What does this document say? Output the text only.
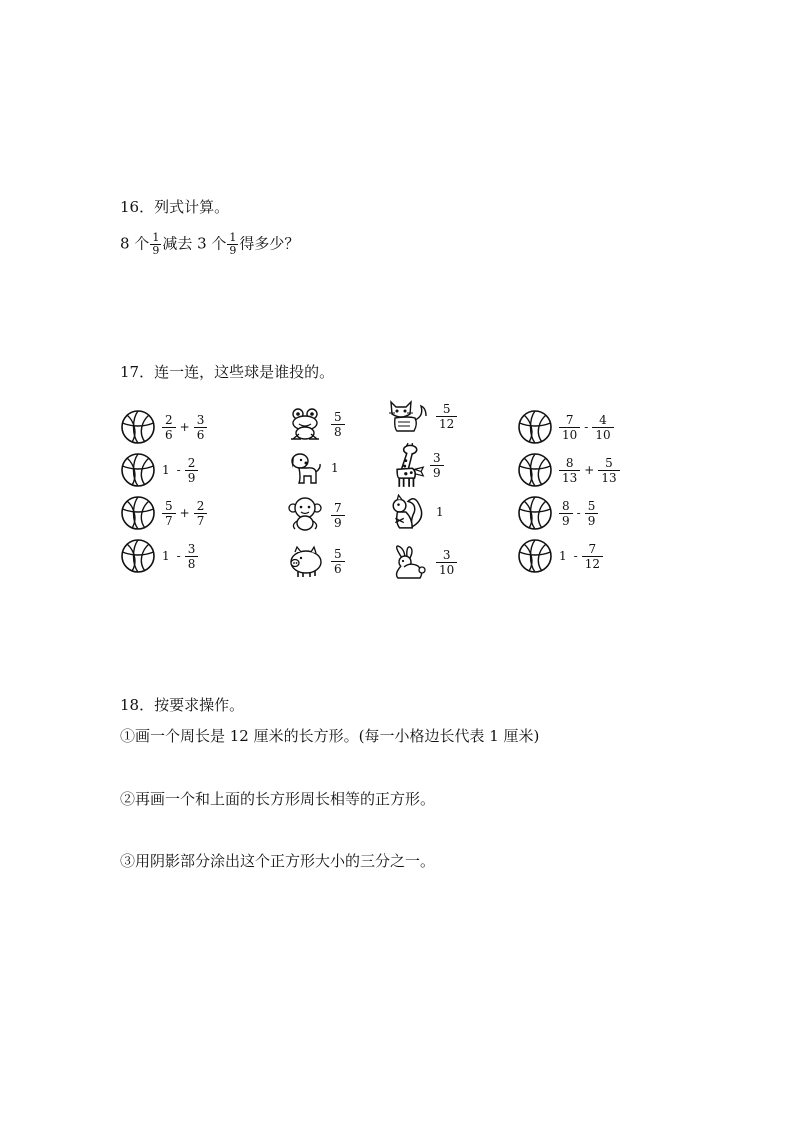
16．列式计算。
8 个 $\frac{1}{9}$ 减去 3 个 $\frac{1}{9}$ 得多少？
17．连一连，这些球是谁投的。
$\frac{2}{6} + \frac{3}{6}$
$1 - \frac{2}{9}$
$\frac{5}{7} + \frac{2}{7}$
$1 - \frac{3}{8}$
$\frac{5}{8}$
1
$\frac{7}{9}$
$\frac{5}{6}$
$\frac{5}{12}$
$\frac{3}{9}$
1
$\frac{3}{10}$
$\frac{7}{10} - \frac{4}{10}$
$\frac{8}{13} + \frac{5}{13}$
$\frac{8}{9} - \frac{5}{9}$
$1 - \frac{7}{12}$
18．按要求操作。
①画一个周长是 12 厘米的长方形。(每一小格边长代表 1 厘米)
②再画一个和上面的长方形周长相等的正方形。
③用阴影部分涂出这个正方形大小的三分之一。
